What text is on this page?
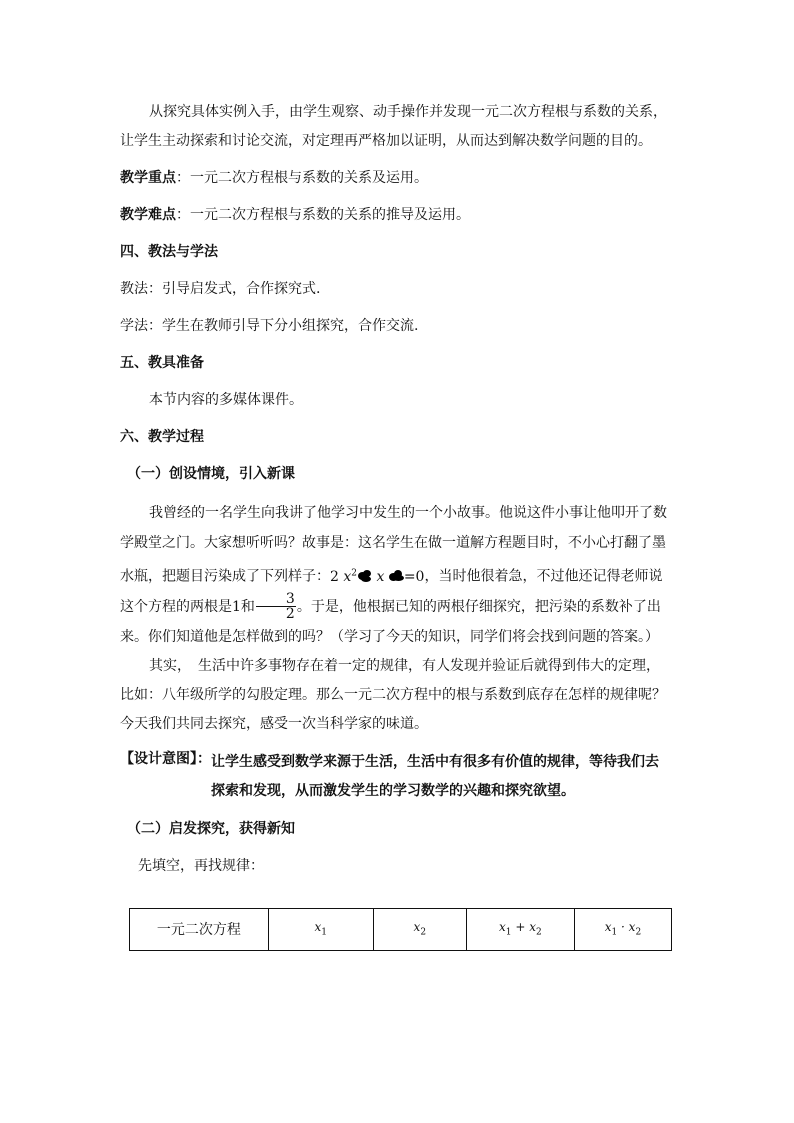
从探究具体实例入手，由学生观察、动手操作并发现一元二次方程根与系数的关系，让学生主动探索和讨论交流，对定理再严格加以证明，从而达到解决数学问题的目的。

教学重点：一元二次方程根与系数的关系及运用。

教学难点：一元二次方程根与系数的关系的推导及运用。

四、教法与学法

教法：引导启发式，合作探究式.

学法：学生在教师引导下分小组探究，合作交流.

五、教具准备

本节内容的多媒体课件。

六、教学过程

（一）创设情境，引入新课

我曾经的一名学生向我讲了他学习中发生的一个小故事。他说这件小事让他叩开了数学殿堂之门。大家想听听吗？故事是：这名学生在做一道解方程题目时，不小心打翻了墨水瓶，把题目污染成了下列样子：2 $x^2$ x =0，当时他很着急，不过他还记得老师说这个方程的两根是1和 $\frac{3}{2}$ 。于是，他根据已知的两根仔细探究，把污染的系数补了出来。你们知道他是怎样做到的吗？（学习了今天的知识，同学们将会找到问题的答案。）

其实，　生活中许多事物存在着一定的规律，有人发现并验证后就得到伟大的定理，比如：八年级所学的勾股定理。那么一元二次方程中的根与系数到底存在怎样的规律呢？今天我们共同去探究，感受一次当科学家的味道。

【设计意图】： 让学生感受到数学来源于生活，生活中有很多有价值的规律，等待我们去探索和发现，从而激发学生的学习数学的兴趣和探究欲望。

（二）启发探究，获得新知

先填空，再找规律：

一元二次方程	$x_1$	$x_2$	$x_1 + x_2$	$x_1 \cdot x_2$
